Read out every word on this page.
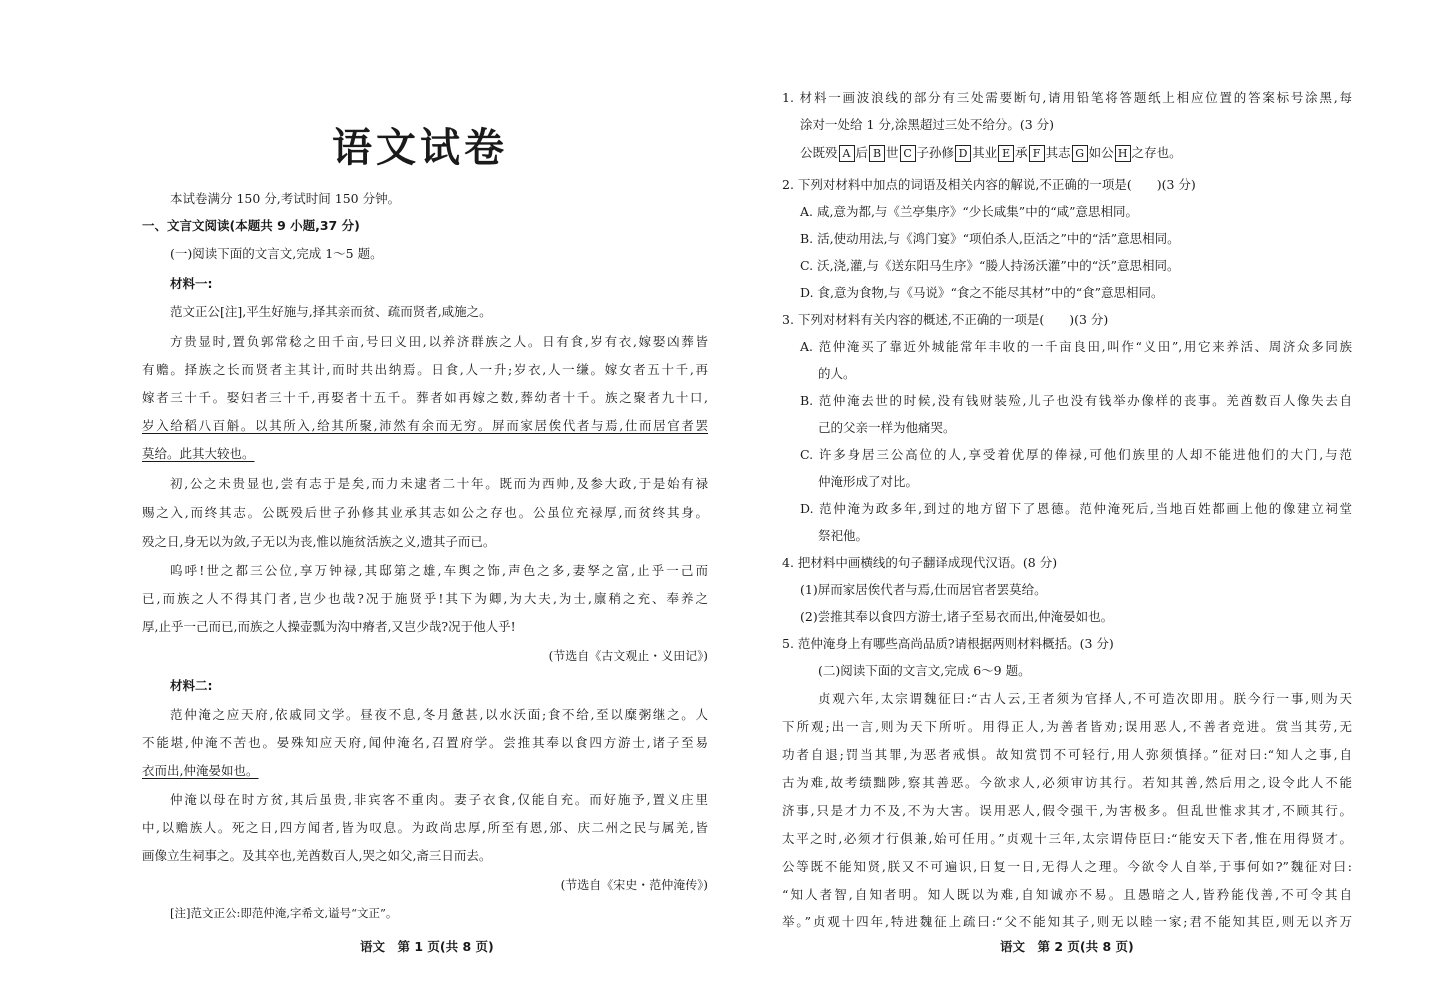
语文试卷
本试卷满分 150 分,考试时间 150 分钟。
一、文言文阅读(本题共 9 小题,37 分)
(一)阅读下面的文言文,完成 1～5 题。
材料一:
范文正公[注],平生好施与,择其亲而贫、疏而贤者,咸施之。
方贵显时,置负郭常稔之田千亩,号曰义田,以养济群族之人。日有食,岁有衣,嫁娶凶葬皆
有赡。择族之长而贤者主其计,而时共出纳焉。日食,人一升;岁衣,人一缣。嫁女者五十千,再
嫁者三十千。娶妇者三十千,再娶者十五千。葬者如再嫁之数,葬幼者十千。族之聚者九十口,
岁入给稻八百斛。以其所入,给其所聚,沛然有余而无穷。屏而家居俟代者与焉,仕而居官者罢
莫给。此其大较也。
初,公之未贵显也,尝有志于是矣,而力未逮者二十年。既而为西帅,及参大政,于是始有禄
赐之入,而终其志。公既殁后世子孙修其业承其志如公之存也。公虽位充禄厚,而贫终其身。
殁之日,身无以为敛,子无以为丧,惟以施贫活族之义,遗其子而已。
呜呼!世之都三公位,享万钟禄,其邸第之雄,车舆之饰,声色之多,妻孥之富,止乎一己而
已,而族之人不得其门者,岂少也哉?况于施贤乎!其下为卿,为大夫,为士,廪稍之充、奉养之
厚,止乎一己而已,而族之人操壶瓢为沟中瘠者,又岂少哉?况于他人乎!
(节选自《古文观止・义田记》)
材料二:
范仲淹之应天府,依戚同文学。昼夜不息,冬月惫甚,以水沃面;食不给,至以糜粥继之。人
不能堪,仲淹不苦也。晏殊知应天府,闻仲淹名,召置府学。尝推其奉以食四方游士,诸子至易
衣而出,仲淹晏如也。
仲淹以母在时方贫,其后虽贵,非宾客不重肉。妻子衣食,仅能自充。而好施予,置义庄里
中,以赡族人。死之日,四方闻者,皆为叹息。为政尚忠厚,所至有恩,邠、庆二州之民与属羌,皆
画像立生祠事之。及其卒也,羌酋数百人,哭之如父,斋三日而去。
(节选自《宋史・范仲淹传》)
[注]范文正公:即范仲淹,字希文,谥号“文正”。
语文　第 1 页(共 8 页)
1. 材料一画波浪线的部分有三处需要断句,请用铅笔将答题纸上相应位置的答案标号涂黑,每
涂对一处给 1 分,涂黑超过三处不给分。(3 分)
公既殁 A 后 B 世 C 子孙修 D 其业 E 承 F 其志 G 如公 H 之存也。
2. 下列对材料中加点的词语及相关内容的解说,不正确的一项是(　　)(3 分)
A. 咸,意为都,与《兰亭集序》“少长咸集”中的“咸”意思相同。
B. 活,使动用法,与《鸿门宴》“项伯杀人,臣活之”中的“活”意思相同。
C. 沃,浇,灌,与《送东阳马生序》“媵人持汤沃灌”中的“沃”意思相同。
D. 食,意为食物,与《马说》“食之不能尽其材”中的“食”意思相同。
3. 下列对材料有关内容的概述,不正确的一项是(　　)(3 分)
A. 范仲淹买了靠近外城能常年丰收的一千亩良田,叫作“义田”,用它来养活、周济众多同族
的人。
B. 范仲淹去世的时候,没有钱财装殓,儿子也没有钱举办像样的丧事。羌酋数百人像失去自
己的父亲一样为他痛哭。
C. 许多身居三公高位的人,享受着优厚的俸禄,可他们族里的人却不能进他们的大门,与范
仲淹形成了对比。
D. 范仲淹为政多年,到过的地方留下了恩德。范仲淹死后,当地百姓都画上他的像建立祠堂
祭祀他。
4. 把材料中画横线的句子翻译成现代汉语。(8 分)
(1)屏而家居俟代者与焉,仕而居官者罢莫给。
(2)尝推其奉以食四方游士,诸子至易衣而出,仲淹晏如也。
5. 范仲淹身上有哪些高尚品质?请根据两则材料概括。(3 分)
(二)阅读下面的文言文,完成 6～9 题。
贞观六年,太宗谓魏征曰:“古人云,王者须为官择人,不可造次即用。朕今行一事,则为天
下所观;出一言,则为天下所听。用得正人,为善者皆劝;误用恶人,不善者竞进。赏当其劳,无
功者自退;罚当其罪,为恶者戒惧。故知赏罚不可轻行,用人弥须慎择。”征对曰:“知人之事,自
古为难,故考绩黜陟,察其善恶。今欲求人,必须审访其行。若知其善,然后用之,设令此人不能
济事,只是才力不及,不为大害。误用恶人,假令强干,为害极多。但乱世惟求其才,不顾其行。
太平之时,必须才行俱兼,始可任用。”贞观十三年,太宗谓侍臣曰:“能安天下者,惟在用得贤才。
公等既不能知贤,朕又不可遍识,日复一日,无得人之理。今欲令人自举,于事何如?”魏征对曰:
“知人者智,自知者明。知人既以为难,自知诚亦不易。且愚暗之人,皆矜能伐善,不可令其自
举。”贞观十四年,特进魏征上疏曰:“父不能知其子,则无以睦一家;君不能知其臣,则无以齐万
语文　第 2 页(共 8 页)
